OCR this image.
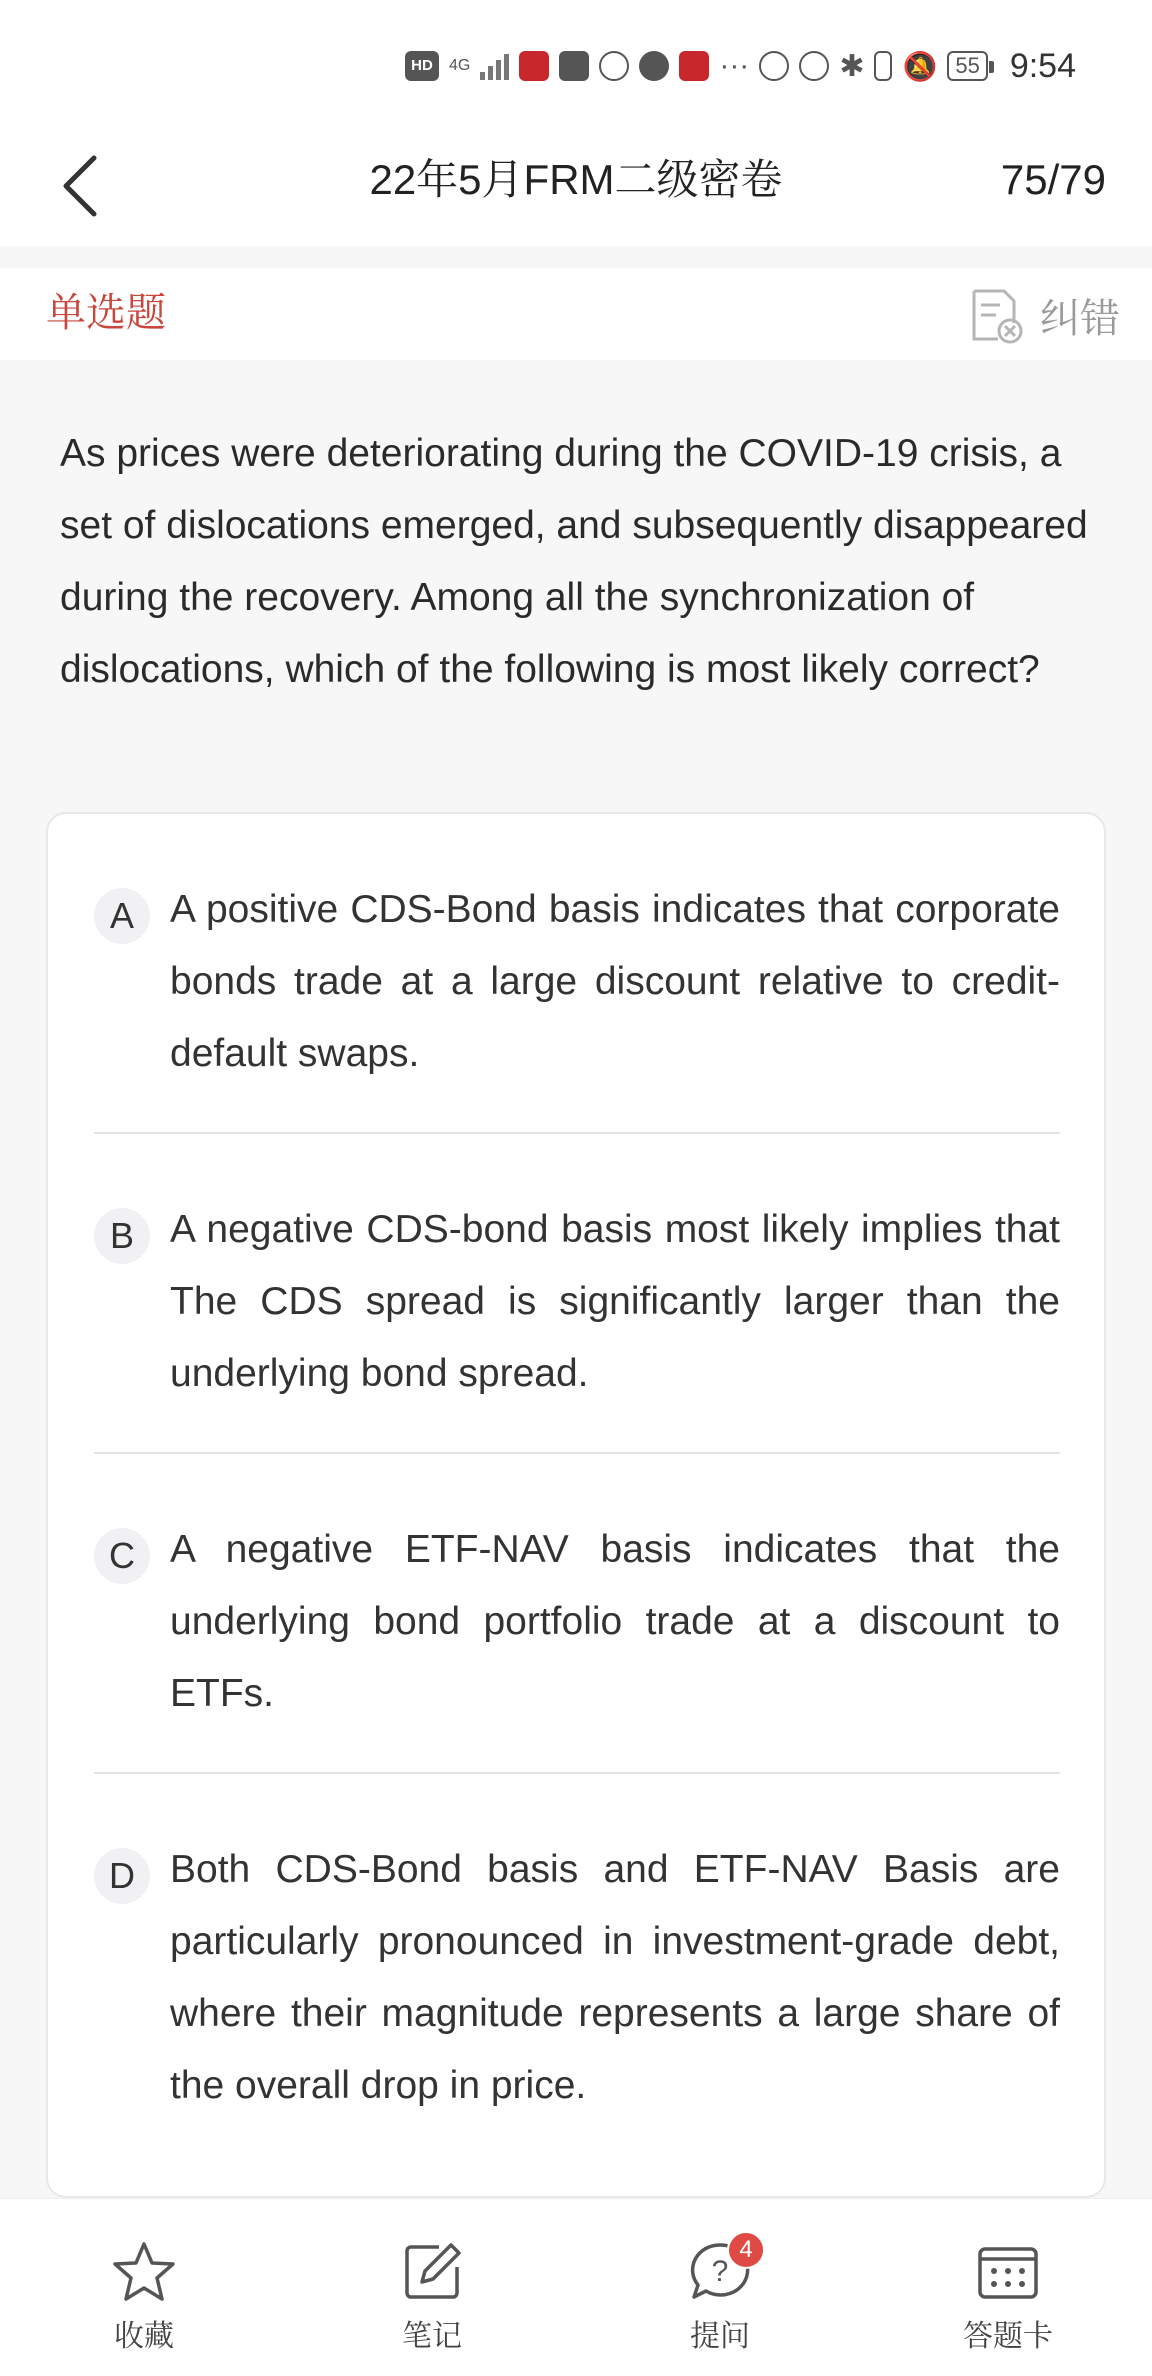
HD	4G	···	✱ 🔕 55 9:54
22年5月FRM二级密卷	75/79
单选题	纠错
As prices were deteriorating during the COVID-19 crisis, a set of dislocations emerged, and subsequently disappeared during the recovery. Among all the synchronization of dislocations, which of the following is most likely correct?
A A positive CDS-Bond basis indicates that corporate bonds trade at a large discount relative to credit-default swaps.
B A negative CDS-bond basis most likely implies that The CDS spread is significantly larger than the underlying bond spread.
C A negative ETF-NAV basis indicates that the underlying bond portfolio trade at a discount to ETFs.
D Both CDS-Bond basis and ETF-NAV Basis are particularly pronounced in investment-grade debt, where their magnitude represents a large share of the overall drop in price.
收藏	笔记
?
4
提问	答题卡
